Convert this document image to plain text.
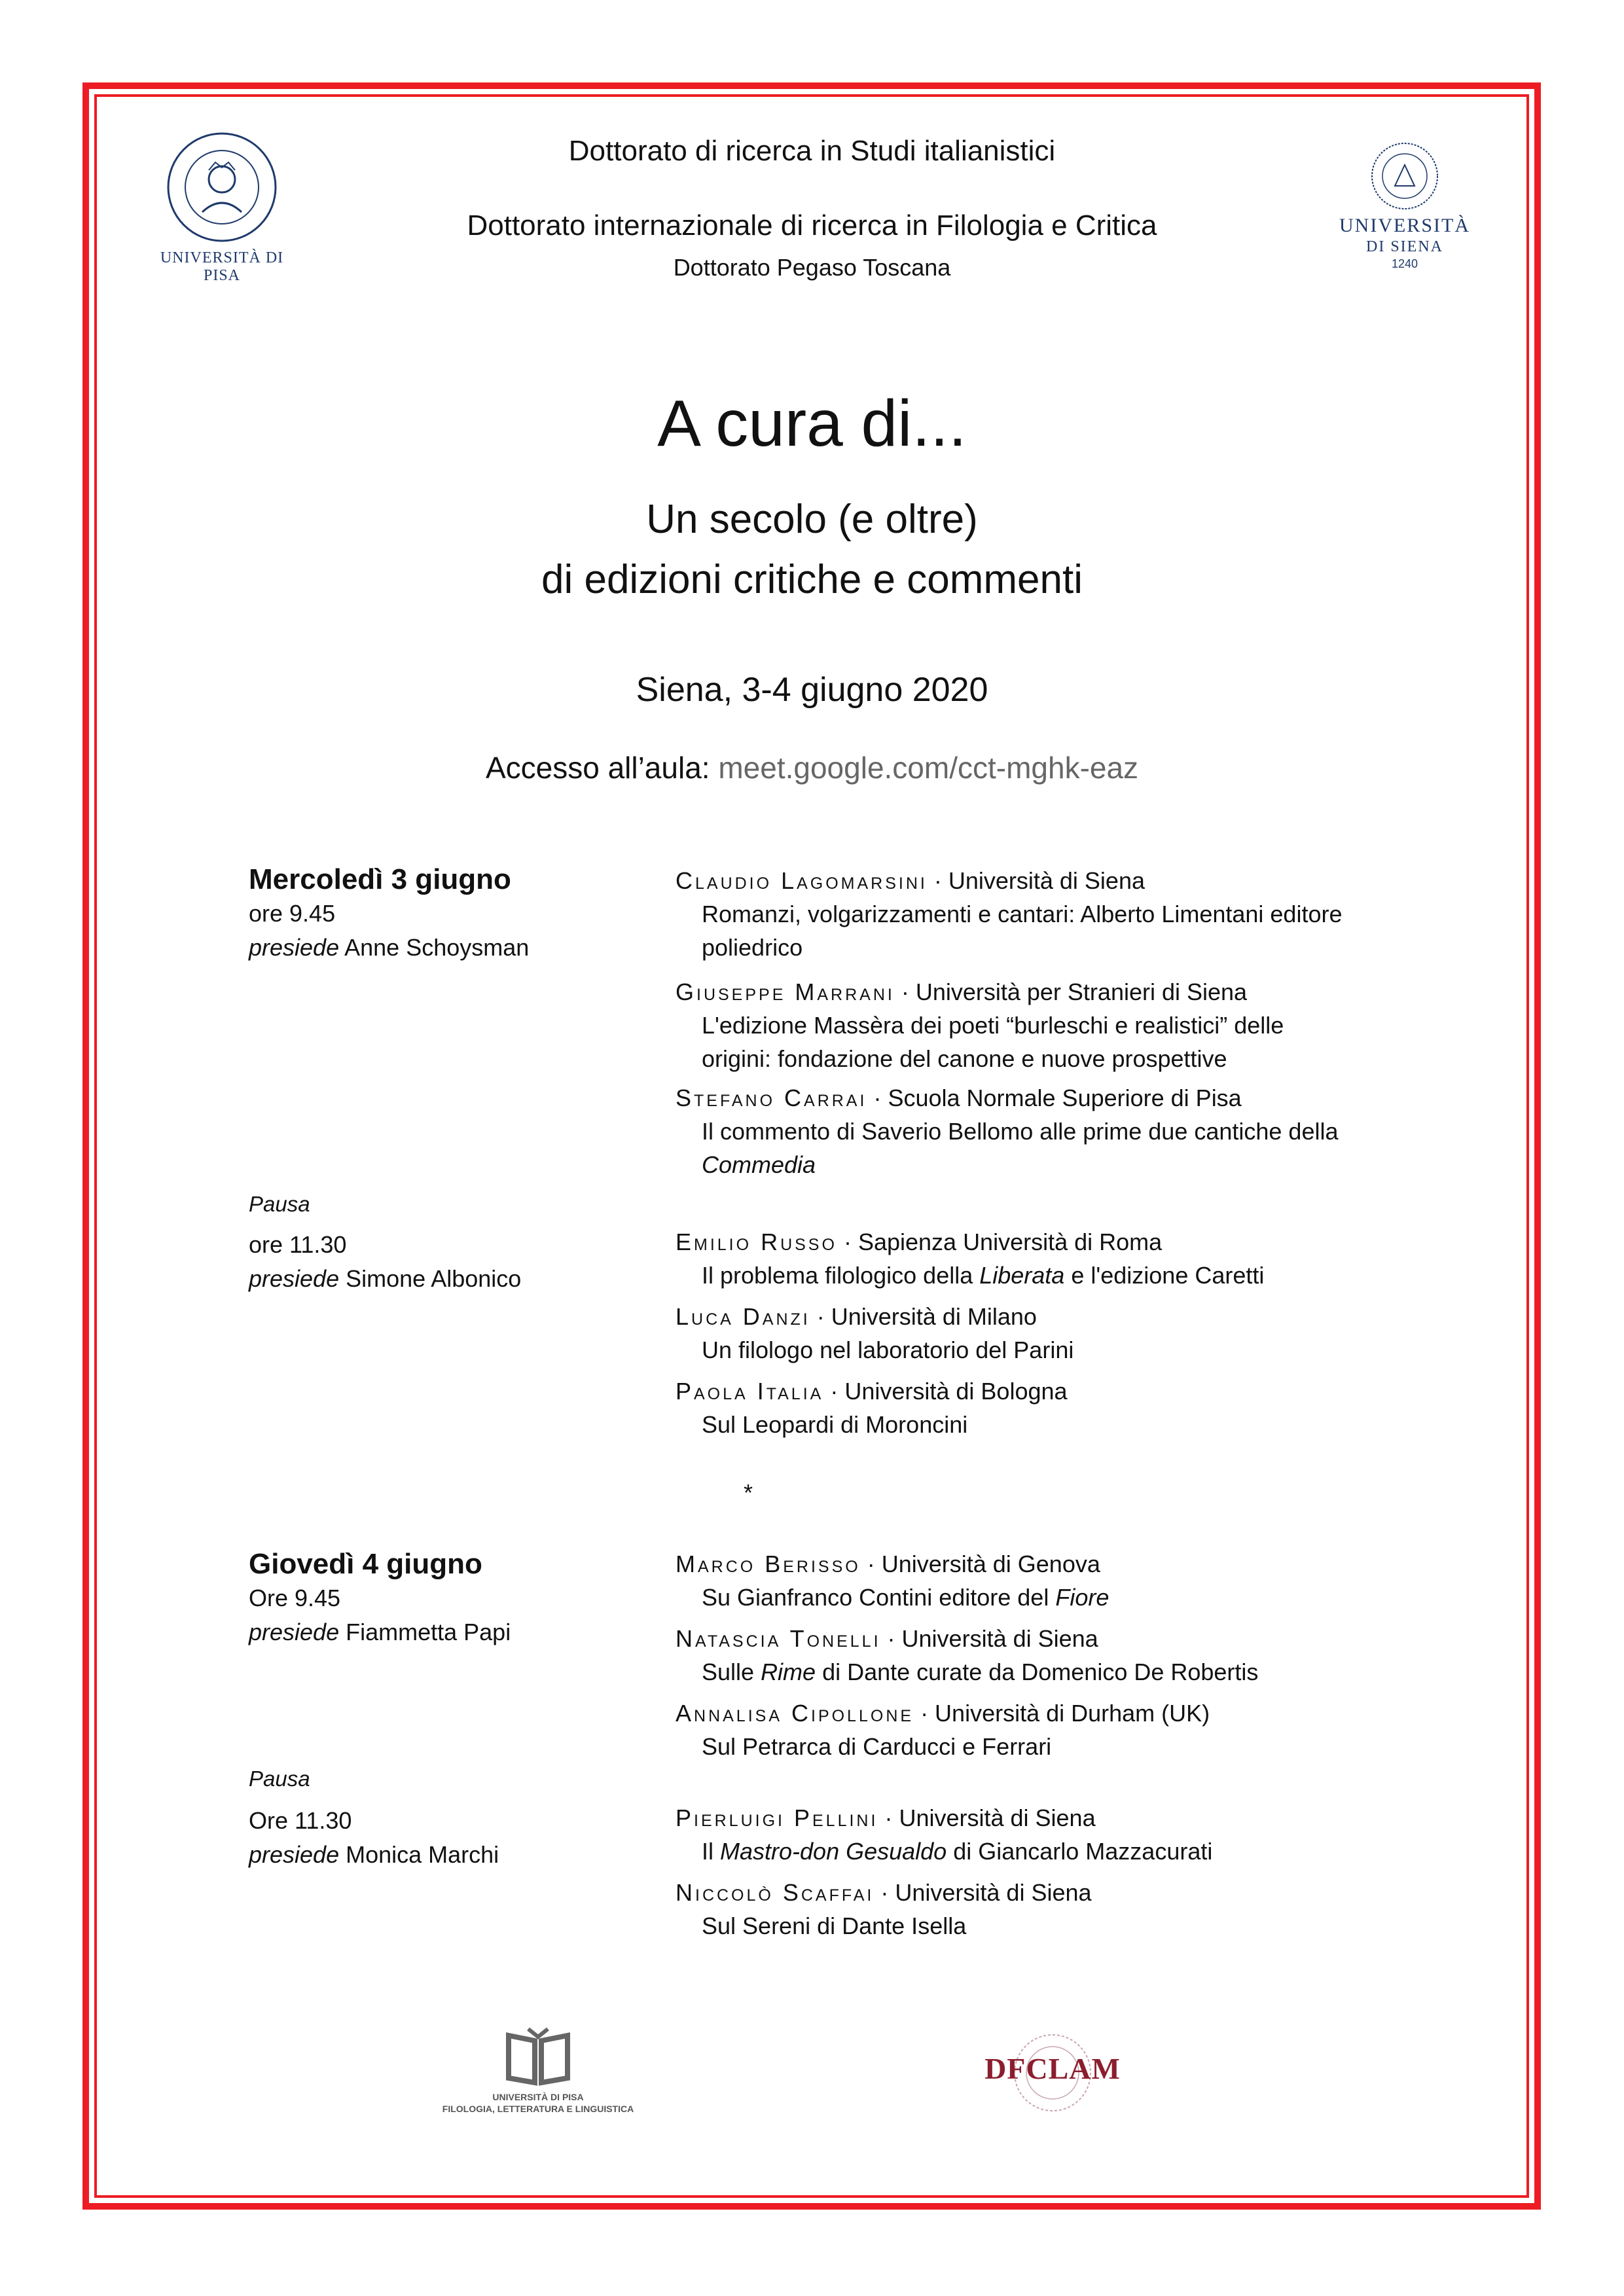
UNIVERSITÀ DI PISA
UNIVERSITÀ
DI SIENA
1240
Dottorato di ricerca in Studi italianistici
Dottorato internazionale di ricerca in Filologia e Critica
Dottorato Pegaso Toscana
A cura di...
Un secolo (e oltre)
di edizioni critiche e commenti
Siena, 3-4 giugno 2020
Accesso all’aula: meet.google.com/cct-mghk-eaz
Mercoledì 3 giugno
ore 9.45
presiede Anne Schoysman
Pausa
ore 11.30
presiede Simone Albonico
Claudio Lagomarsini · Università di Siena
Romanzi, volgarizzamenti e cantari: Alberto Limentani editore
poliedrico
Giuseppe Marrani · Università per Stranieri di Siena
L'edizione Massèra dei poeti “burleschi e realistici” delle
origini: fondazione del canone e nuove prospettive
Stefano Carrai · Scuola Normale Superiore di Pisa
Il commento di Saverio Bellomo alle prime due cantiche della
Commedia
Emilio Russo · Sapienza Università di Roma
Il problema filologico della Liberata e l'edizione Caretti
Luca Danzi · Università di Milano
Un filologo nel laboratorio del Parini
Paola Italia · Università di Bologna
Sul Leopardi di Moroncini
*
Giovedì 4 giugno
Ore 9.45
presiede Fiammetta Papi
Pausa
Ore 11.30
presiede Monica Marchi
Marco Berisso · Università di Genova
Su Gianfranco Contini editore del Fiore
Natascia Tonelli · Università di Siena
Sulle Rime di Dante curate da Domenico De Robertis
Annalisa Cipollone · Università di Durham (UK)
Sul Petrarca di Carducci e Ferrari
Pierluigi Pellini · Università di Siena
Il Mastro-don Gesualdo di Giancarlo Mazzacurati
Niccolò Scaffai · Università di Siena
Sul Sereni di Dante Isella
UNIVERSITÀ DI PISA
FILOLOGIA, LETTERATURA E LINGUISTICA
DFCLAM
